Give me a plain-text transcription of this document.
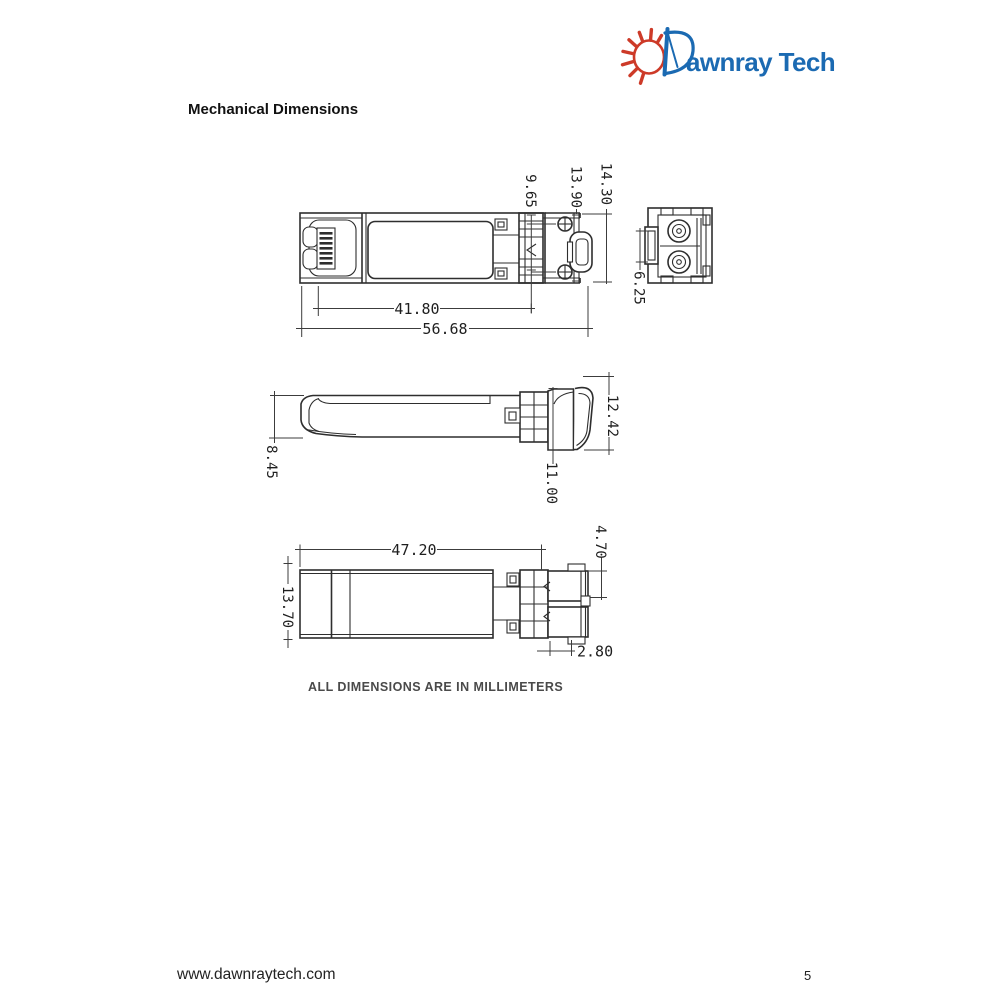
awnray Tech
Mechanical Dimensions
9.65 13.90 14.30
41.80
56.68
6.25
8.45
12.42
11.00
47.20	4.70
13.70
2.80
ALL DIMENSIONS ARE IN MILLIMETERS
www.dawnraytech.com	5
